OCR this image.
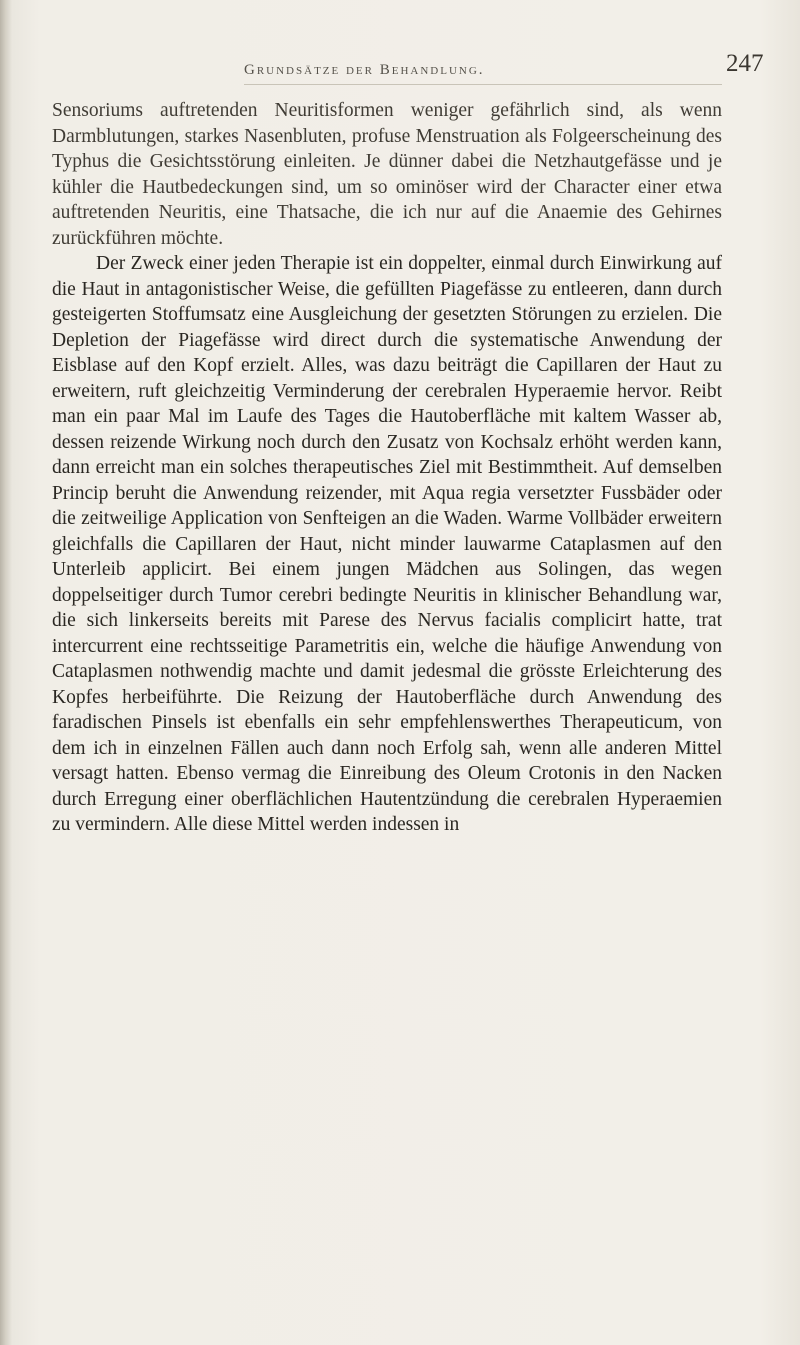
Grundsätze der Behandlung.	247

Sensoriums auftretenden Neuritisformen weniger gefährlich sind, als wenn Darmblutungen, starkes Nasenbluten, profuse Menstruation als Folgeerscheinung des Typhus die Gesichtsstörung einleiten. Je dünner dabei die Netzhautgefässe und je kühler die Hautbedeckungen sind, um so ominöser wird der Character einer etwa auftretenden Neuritis, eine Thatsache, die ich nur auf die Anaemie des Gehirnes zurückführen möchte.

Der Zweck einer jeden Therapie ist ein doppelter, einmal durch Einwirkung auf die Haut in antagonistischer Weise, die gefüllten Piagefässe zu entleeren, dann durch gesteigerten Stoffumsatz eine Ausgleichung der gesetzten Störungen zu erzielen. Die Depletion der Piagefässe wird direct durch die systematische Anwendung der Eisblase auf den Kopf erzielt. Alles, was dazu beiträgt die Capillaren der Haut zu erweitern, ruft gleichzeitig Verminderung der cerebralen Hyperaemie hervor. Reibt man ein paar Mal im Laufe des Tages die Hautoberfläche mit kaltem Wasser ab, dessen reizende Wirkung noch durch den Zusatz von Kochsalz erhöht werden kann, dann erreicht man ein solches therapeutisches Ziel mit Bestimmtheit. Auf demselben Princip beruht die Anwendung reizender, mit Aqua regia versetzter Fussbäder oder die zeitweilige Application von Senfteigen an die Waden. Warme Vollbäder erweitern gleichfalls die Capillaren der Haut, nicht minder lauwarme Cataplasmen auf den Unterleib applicirt. Bei einem jungen Mädchen aus Solingen, das wegen doppelseitiger durch Tumor cerebri bedingte Neuritis in klinischer Behandlung war, die sich linkerseits bereits mit Parese des Nervus facialis complicirt hatte, trat intercurrent eine rechtsseitige Parametritis ein, welche die häufige Anwendung von Cataplasmen nothwendig machte und damit jedesmal die grösste Erleichterung des Kopfes herbeiführte. Die Reizung der Hautoberfläche durch Anwendung des faradischen Pinsels ist ebenfalls ein sehr empfehlenswerthes Therapeuticum, von dem ich in einzelnen Fällen auch dann noch Erfolg sah, wenn alle anderen Mittel versagt hatten. Ebenso vermag die Einreibung des Oleum Crotonis in den Nacken durch Erregung einer oberflächlichen Hautentzündung die cerebralen Hyperaemien zu vermindern. Alle diese Mittel werden indessen in
